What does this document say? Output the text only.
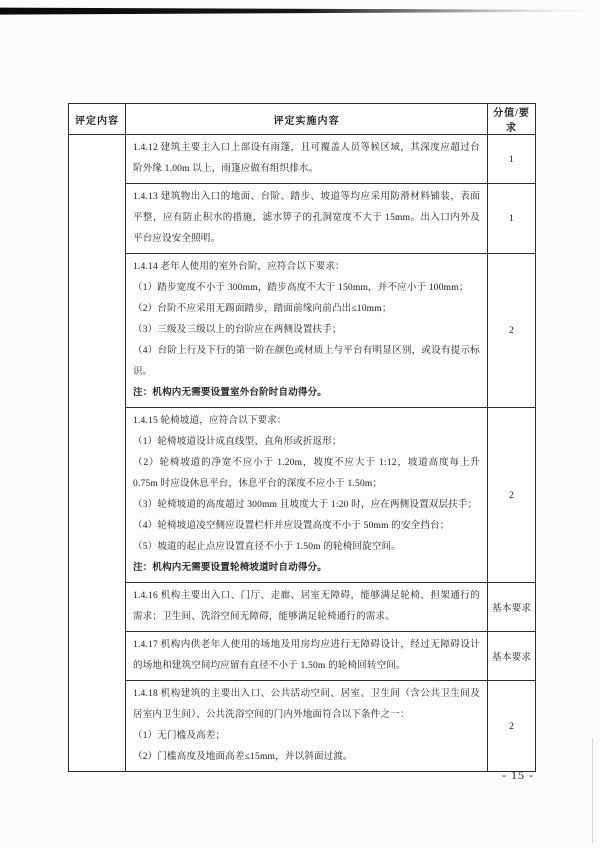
评定内容	评定实施内容	分值/要求

	1.4.12 建筑主要主入口上部设有雨篷，且可覆盖人员等候区域，其深度应超过台阶外缘 1.00m 以上，雨篷应做有组织排水。	1

	1.4.13 建筑物出入口的地面、台阶、踏步、坡道等均应采用防滑材料铺装，表面平整，应有防止积水的措施，滤水箅子的孔洞宽度不大于 15mm。出入口内外及平台应设安全照明。	1

1.4.14 老年人使用的室外台阶，应符合以下要求：

（1）踏步宽度不小于 300mm，踏步高度不大于 150mm，并不应小于 100mm；

（2）台阶不应采用无踢面踏步，踏面前缘向前凸出≤10mm；

（3）三级及三级以上的台阶应在两侧设置扶手；

（4）台阶上行及下行的第一阶在颜色或材质上与平台有明显区别，或设有提示标识。

注：机构内无需要设置室外台阶时自动得分。

	2

1.4.15 轮椅坡道，应符合以下要求：

（1）轮椅坡道设计成直线型、直角形或折返形；

（2）轮椅坡道的净宽不应小于 1.20m，坡度不应大于 1:12，坡道高度每上升 0.75m 时应设休息平台，休息平台的深度不应小于 1.50m；

（3）轮椅坡道的高度超过 300mm 且坡度大于 1:20 时，应在两侧设置双层扶手；

（4）轮椅坡道凌空侧应设置栏杆并应设置高度不小于 50mm 的安全挡台；

（5）坡道的起止点应设置直径不小于 1.50m 的轮椅回旋空间。

注：机构内无需要设置轮椅坡道时自动得分。

	2

	1.4.16 机构主要出入口、门厅、走廊、居室无障碍，能够满足轮椅、担架通行的需求；卫生间、洗浴空间无障碍，能够满足轮椅通行的需求。	基本要求

	1.4.17 机构内供老年人使用的场地及用房均应进行无障碍设计，经过无障碍设计的场地和建筑空间均应留有直径不小于 1.50m 的轮椅回转空间。	基本要求

	1.4.18 机构建筑的主要出入口、公共活动空间、居室、卫生间（含公共卫生间及居室内卫生间）、公共洗浴空间的门内外地面符合以下条件之一：

（1）无门槛及高差；

（2）门槛高度及地面高差≤15mm，并以斜面过渡。	2
- 15 -
